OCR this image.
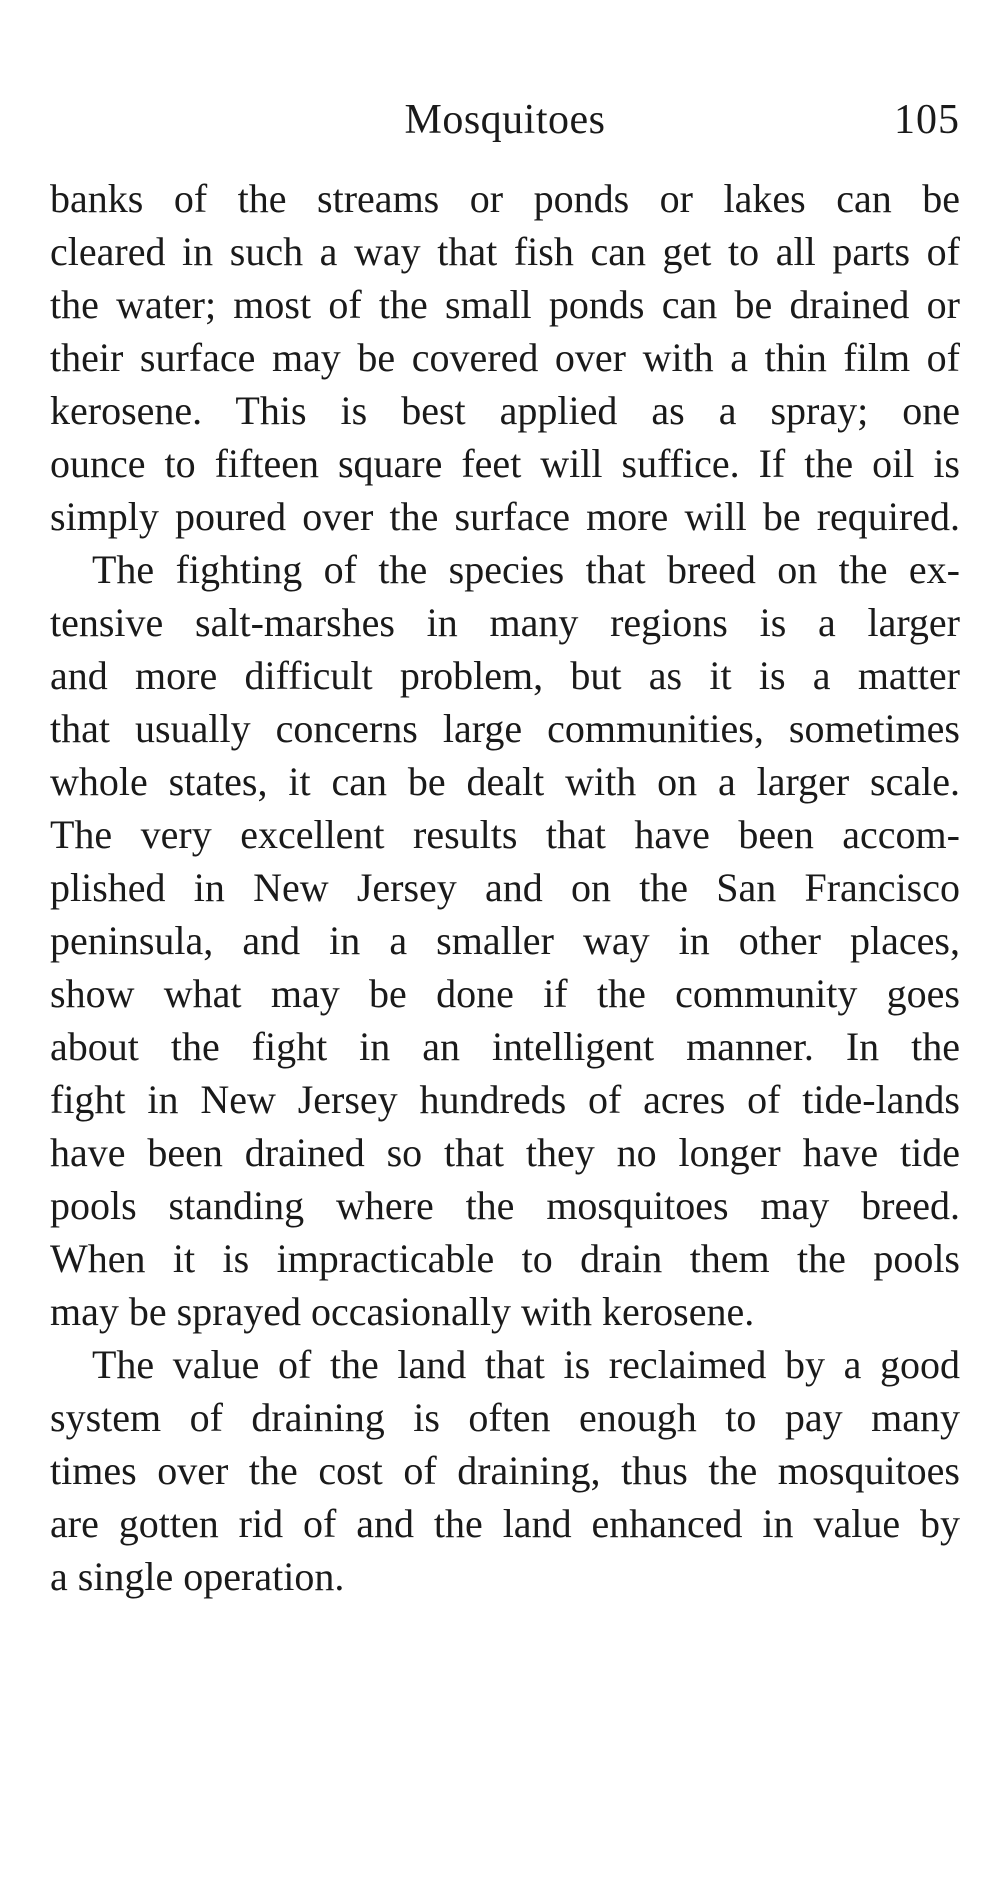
Mosquitoes	105
banks of the streams or ponds or lakes can be
cleared in such a way that fish can get to all parts of
the water; most of the small ponds can be drained or
their surface may be covered over with a thin film of
kerosene. This is best applied as a spray; one
ounce to fifteen square feet will suffice. If the oil is
simply poured over the surface more will be required.
The fighting of the species that breed on the ex-
tensive salt-marshes in many regions is a larger
and more difficult problem, but as it is a matter
that usually concerns large communities, sometimes
whole states, it can be dealt with on a larger scale.
The very excellent results that have been accom-
plished in New Jersey and on the San Francisco
peninsula, and in a smaller way in other places,
show what may be done if the community goes
about the fight in an intelligent manner. In the
fight in New Jersey hundreds of acres of tide-lands
have been drained so that they no longer have tide
pools standing where the mosquitoes may breed.
When it is impracticable to drain them the pools
may be sprayed occasionally with kerosene.
The value of the land that is reclaimed by a good
system of draining is often enough to pay many
times over the cost of draining, thus the mosquitoes
are gotten rid of and the land enhanced in value by
a single operation.
